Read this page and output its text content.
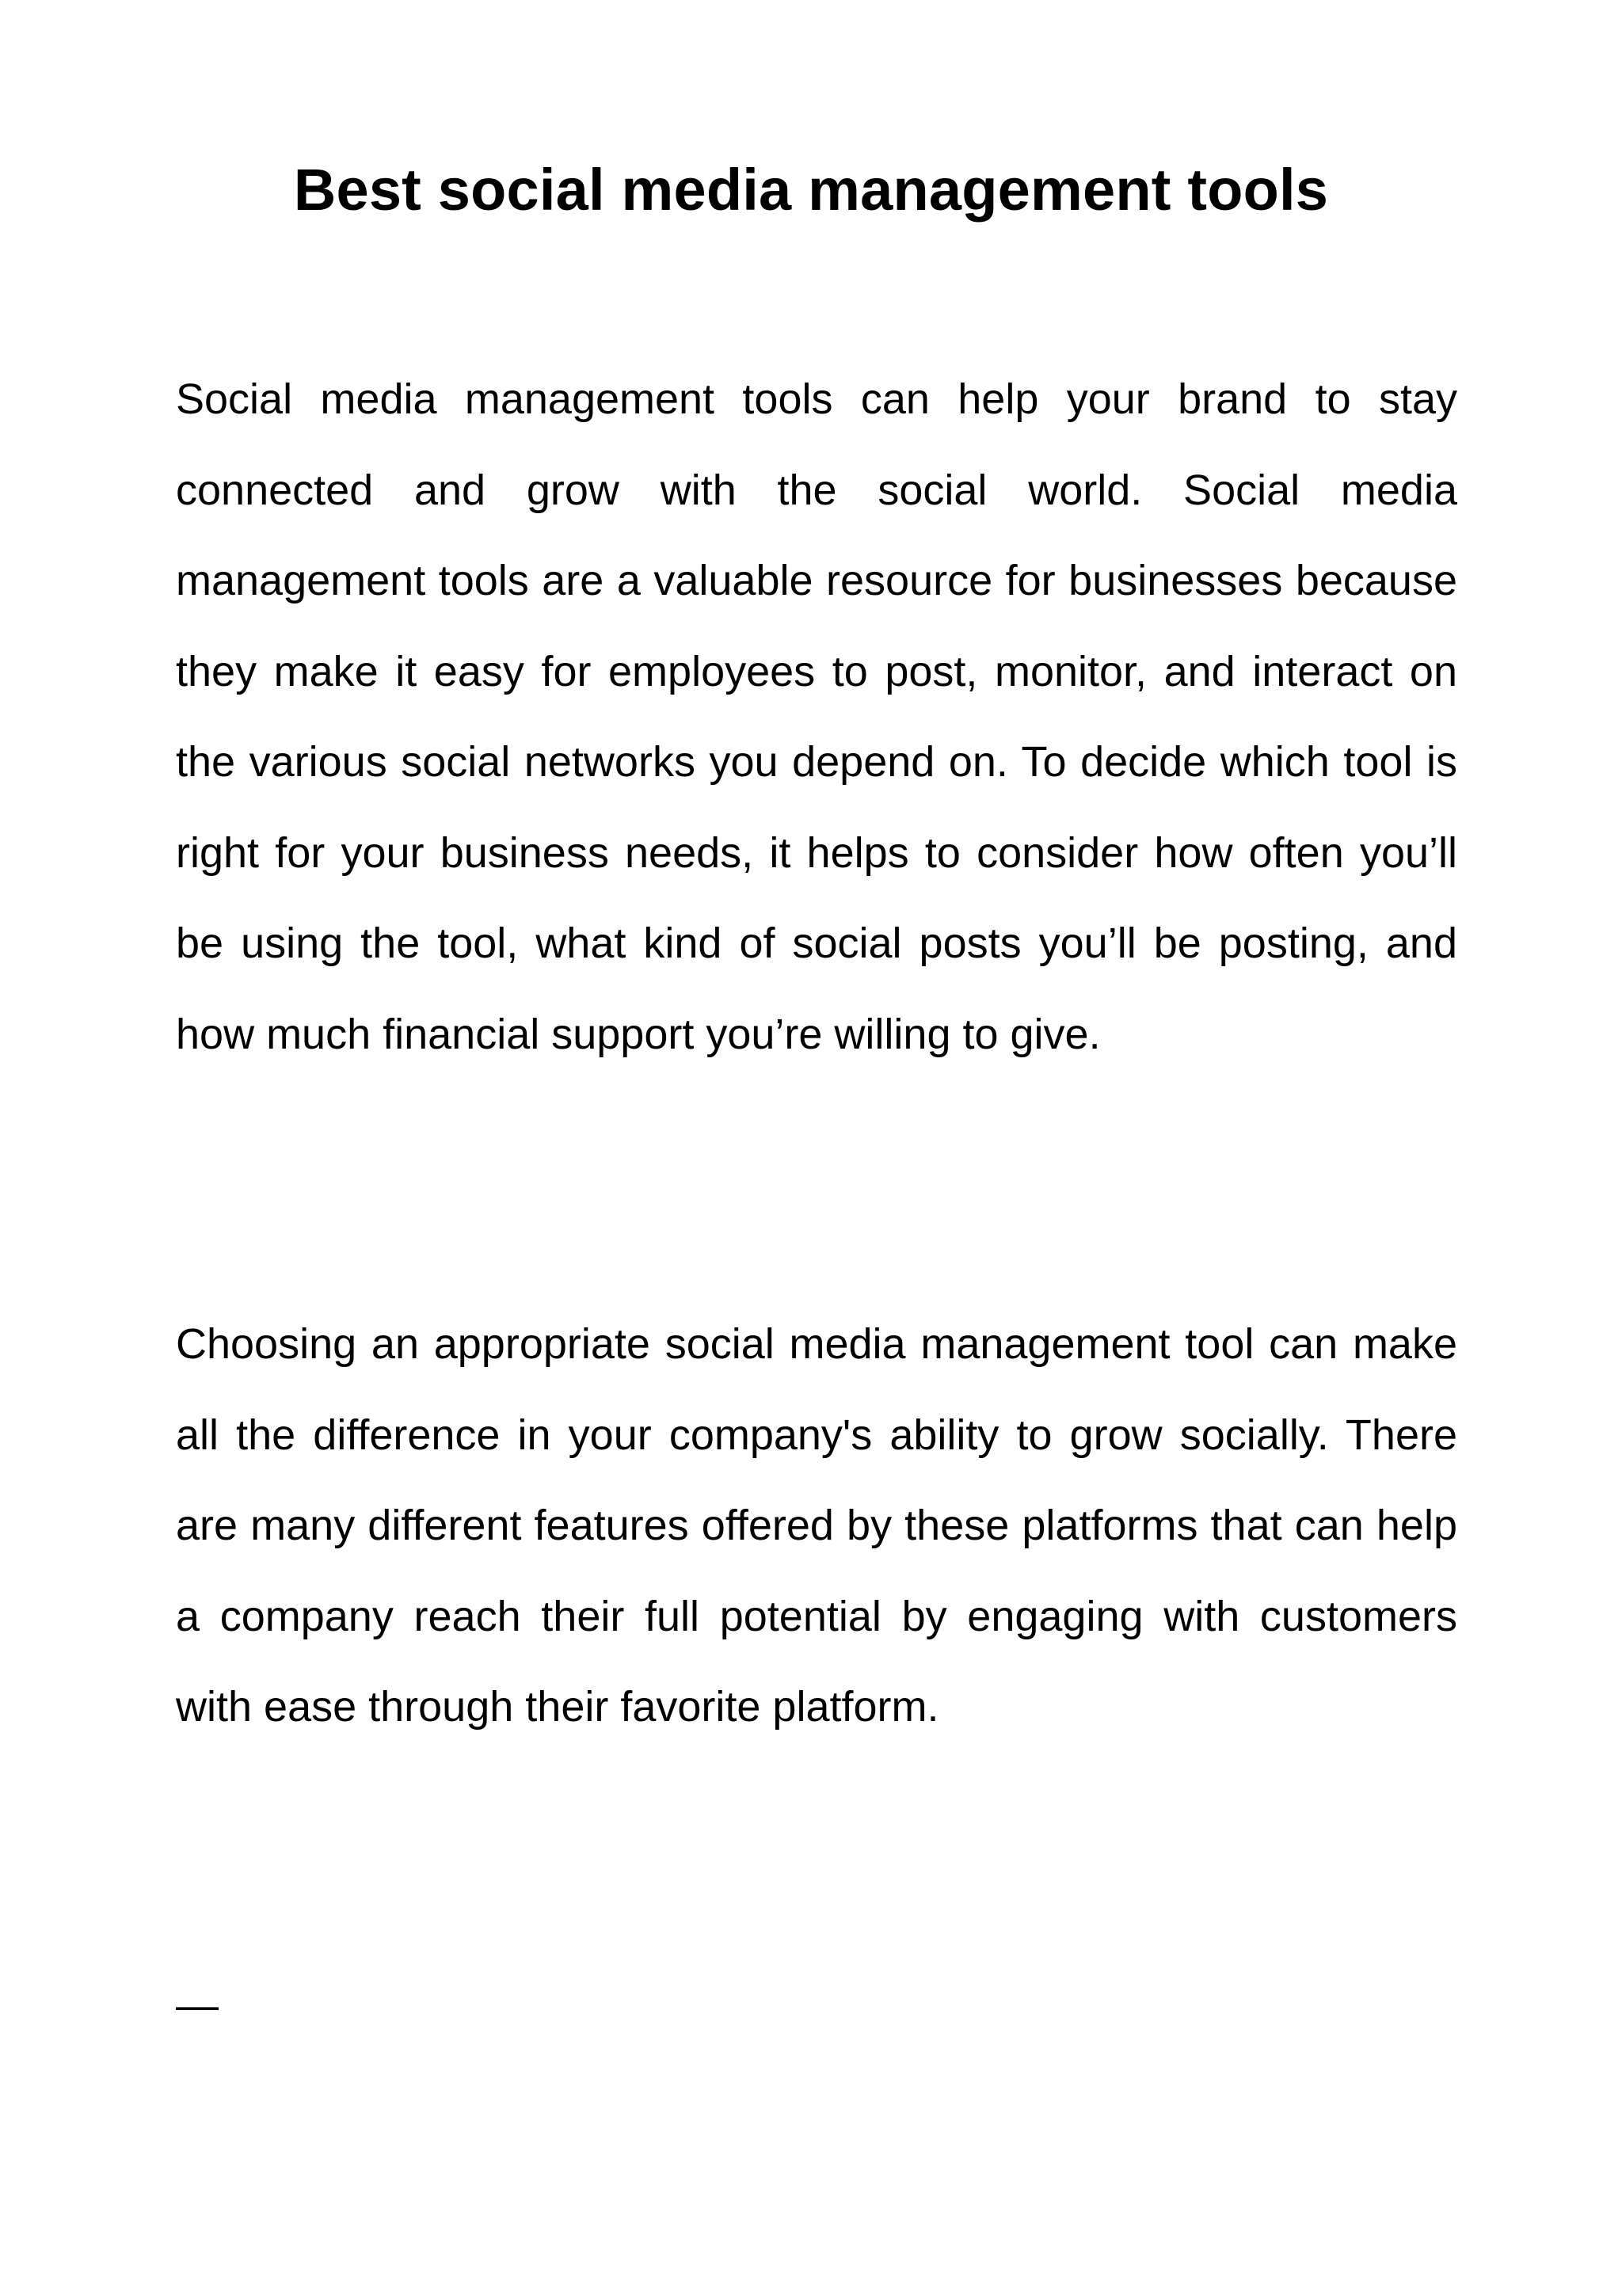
Best social media management tools

Social media management tools can help your brand to stay connected and grow with the social world. Social media management tools are a valuable resource for businesses because they make it easy for employees to post, monitor, and interact on the various social networks you depend on. To decide which tool is right for your business needs, it helps to consider how often you’ll be using the tool, what kind of social posts you’ll be posting, and how much financial support you’re willing to give.

Choosing an appropriate social media management tool can make all the difference in your company's ability to grow socially. There are many different features offered by these platforms that can help a company reach their full potential by engaging with customers with ease through their favorite platform.

—
